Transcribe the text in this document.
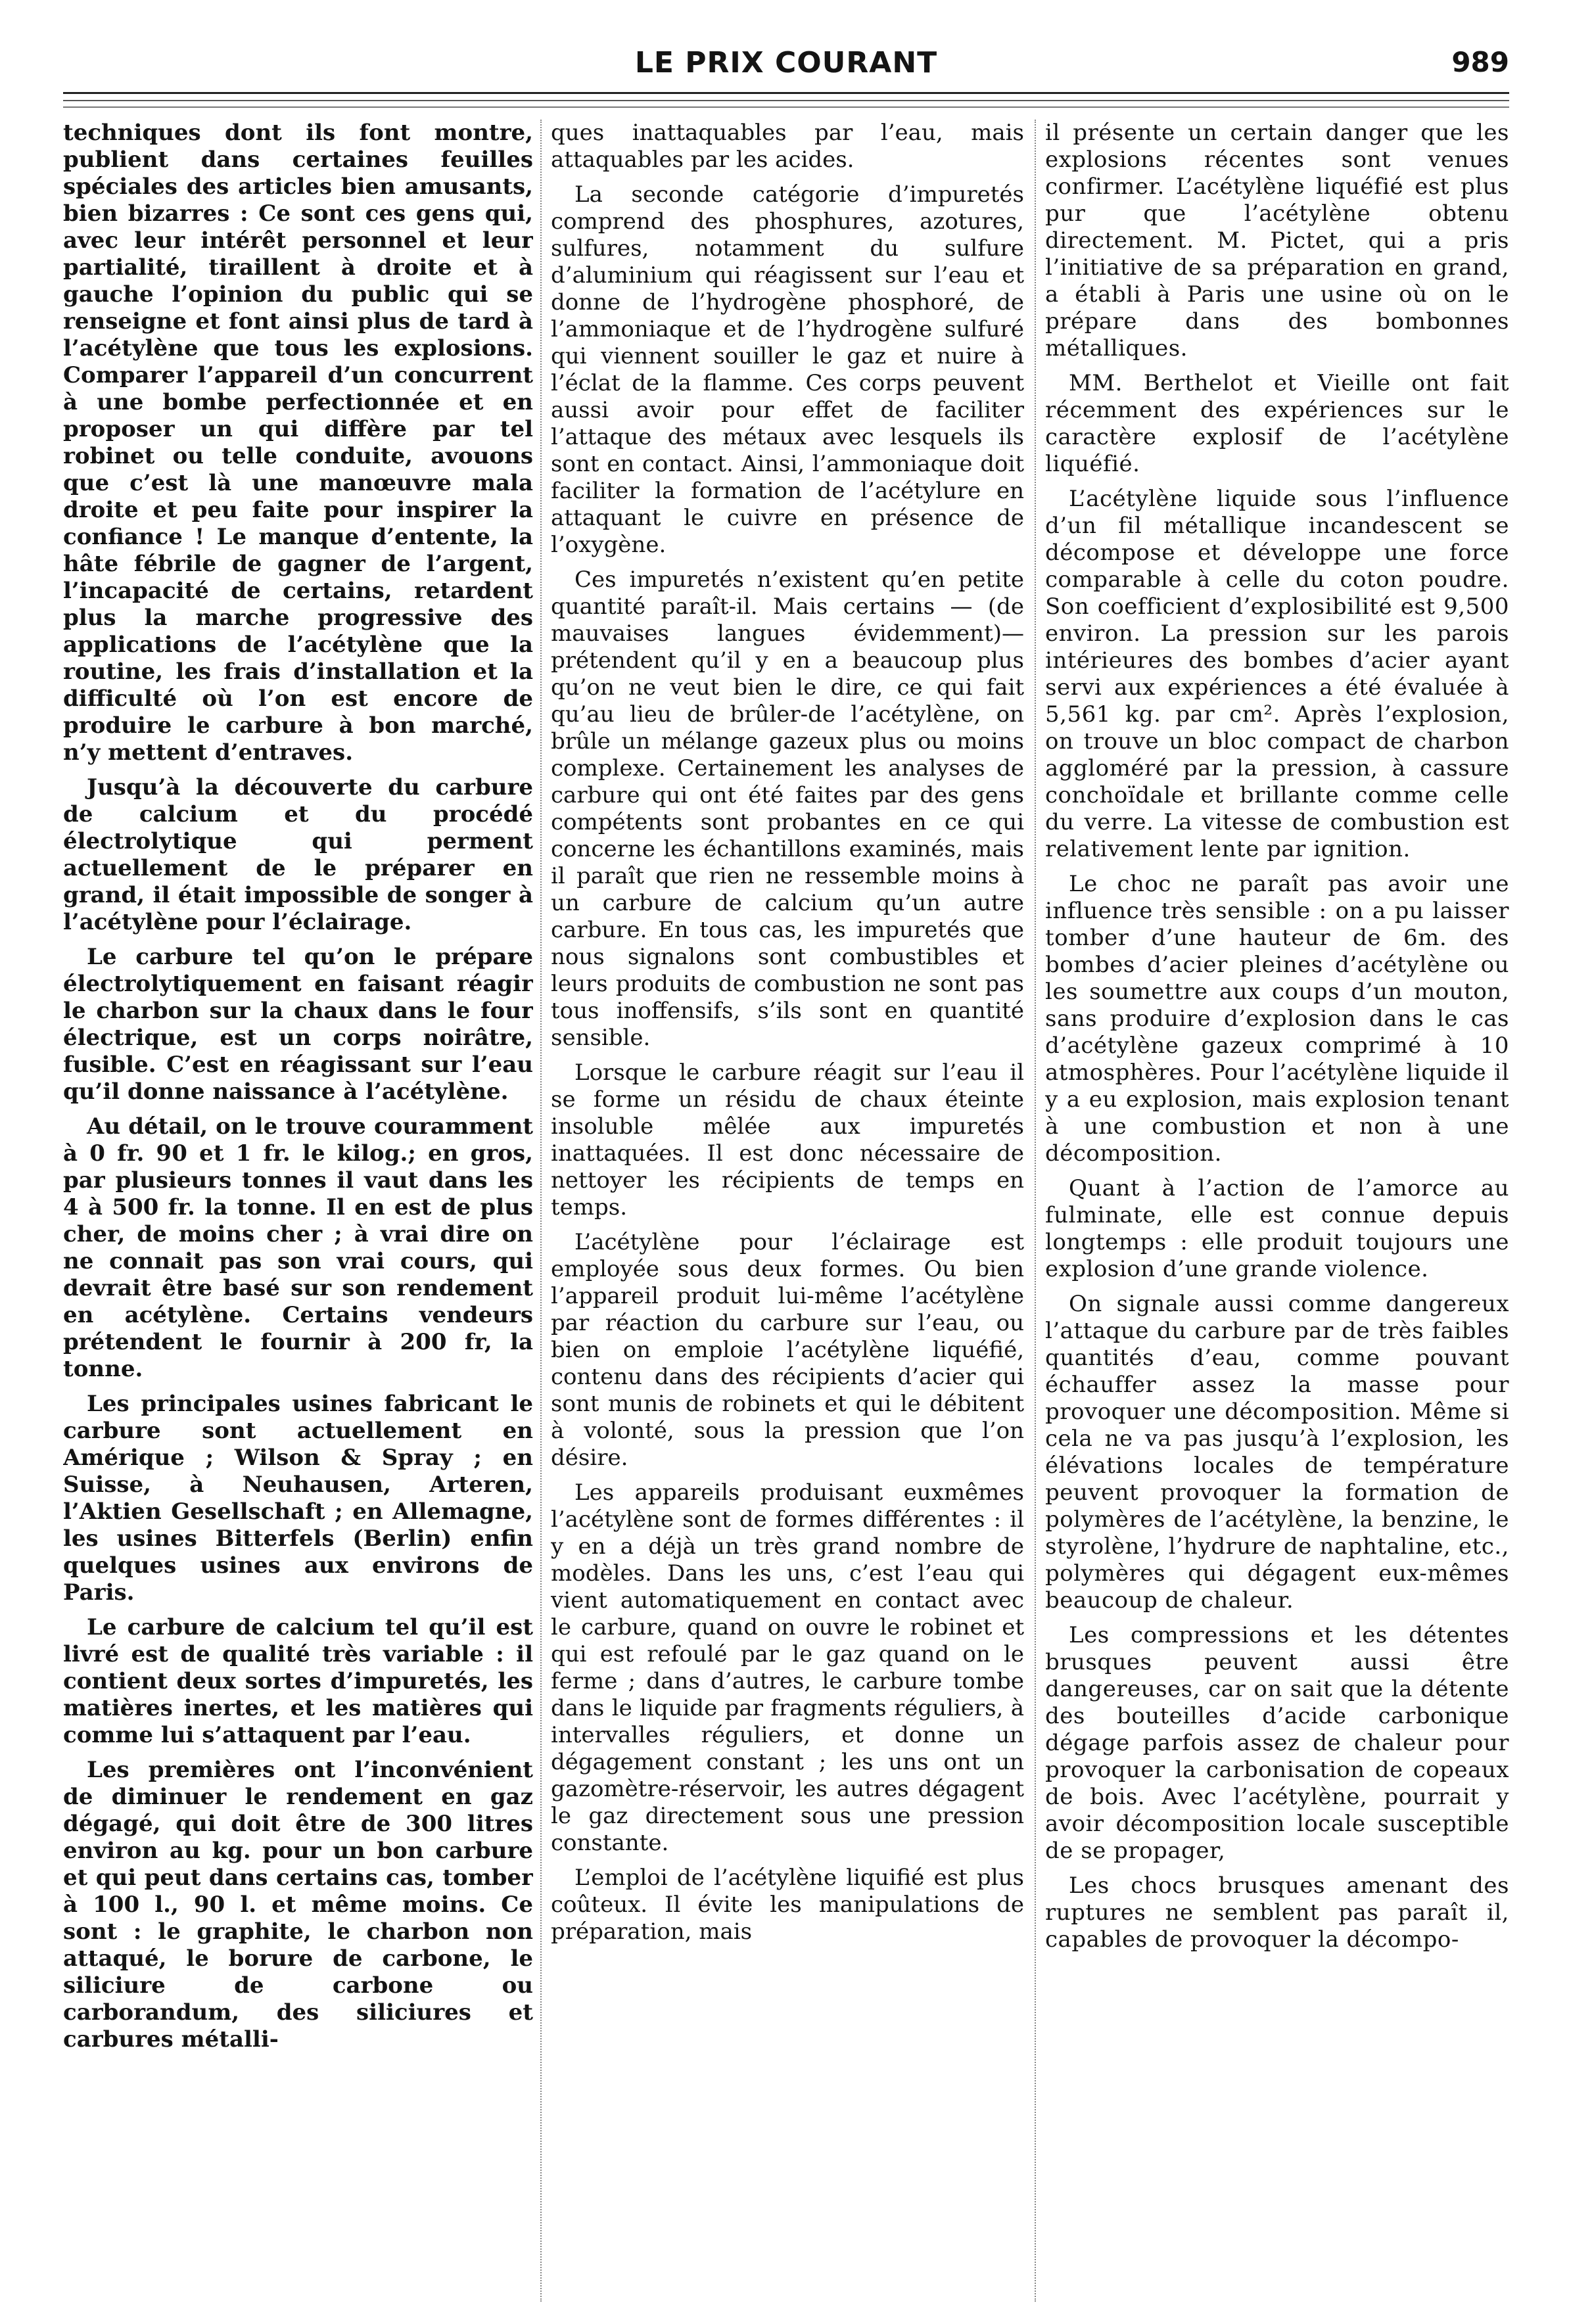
LE PRIX COURANT	989

techniques dont ils font montre, publient dans certaines feuilles spéciales des articles bien amusants, bien bizarres : Ce sont ces gens qui, avec leur intérêt personnel et leur partialité, tiraillent à droite et à gauche l’opinion du public qui se renseigne et font ainsi plus de tard à l’acétylène que tous les explosions. Comparer l’appareil d’un concurrent à une bombe perfectionnée et en proposer un qui diffère par tel robinet ou telle conduite, avouons que c’est là une manœuvre mala droite et peu faite pour inspirer la confiance ! Le manque d’entente, la hâte fébrile de gagner de l’argent, l’incapacité de certains, retardent plus la marche progressive des applications de l’acétylène que la routine, les frais d’installation et la difficulté où l’on est encore de produire le carbure à bon marché, n’y mettent d’entraves.

Jusqu’à la découverte du carbure de calcium et du procédé électrolytique qui perment actuellement de le préparer en grand, il était impossible de songer à l’acétylène pour l’éclairage.

Le carbure tel qu’on le prépare électrolytiquement en faisant réagir le charbon sur la chaux dans le four électrique, est un corps noirâtre, fusible. C’est en réagissant sur l’eau qu’il donne naissance à l’acétylène.

Au détail, on le trouve couramment à 0 fr. 90 et 1 fr. le kilog.; en gros, par plusieurs tonnes il vaut dans les 4 à 500 fr. la tonne. Il en est de plus cher, de moins cher ; à vrai dire on ne connait pas son vrai cours, qui devrait être basé sur son rendement en acétylène. Certains vendeurs prétendent le fournir à 200 fr, la tonne.

Les principales usines fabricant le carbure sont actuellement en Amérique ; Wilson & Spray ; en Suisse, à Neuhausen, Arteren, l’Aktien Gesellschaft ; en Allemagne, les usines Bitterfels (Berlin) enfin quelques usines aux environs de Paris.

Le carbure de calcium tel qu’il est livré est de qualité très variable : il contient deux sortes d’impuretés, les matières inertes, et les matières qui comme lui s’attaquent par l’eau.

Les premières ont l’inconvénient de diminuer le rendement en gaz dégagé, qui doit être de 300 litres environ au kg. pour un bon carbure et qui peut dans certains cas, tomber à 100 l., 90 l. et même moins. Ce sont : le graphite, le charbon non attaqué, le borure de carbone, le siliciure de carbone ou carborandum, des siliciures et carbures métalli-

ques inattaquables par l’eau, mais attaquables par les acides.

La seconde catégorie d’impuretés comprend des phosphures, azotures, sulfures, notamment du sulfure d’aluminium qui réagissent sur l’eau et donne de l’hydrogène phosphoré, de l’ammoniaque et de l’hydrogène sulfuré qui viennent souiller le gaz et nuire à l’éclat de la flamme. Ces corps peuvent aussi avoir pour effet de faciliter l’attaque des métaux avec lesquels ils sont en contact. Ainsi, l’ammoniaque doit faciliter la formation de l’acétylure en attaquant le cuivre en présence de l’oxygène.

Ces impuretés n’existent qu’en petite quantité paraît-il. Mais certains — (de mauvaises langues évidemment)—prétendent qu’il y en a beaucoup plus qu’on ne veut bien le dire, ce qui fait qu’au lieu de brûler-de l’acétylène, on brûle un mélange gazeux plus ou moins complexe. Certainement les analyses de carbure qui ont été faites par des gens compétents sont probantes en ce qui concerne les échantillons examinés, mais il paraît que rien ne ressemble moins à un carbure de calcium qu’un autre carbure. En tous cas, les impuretés que nous signalons sont combustibles et leurs produits de combustion ne sont pas tous inoffensifs, s’ils sont en quantité sensible.

Lorsque le carbure réagit sur l’eau il se forme un résidu de chaux éteinte insoluble mêlée aux impuretés inattaquées. Il est donc nécessaire de nettoyer les récipients de temps en temps.

L’acétylène pour l’éclairage est employée sous deux formes. Ou bien l’appareil produit lui-même l’acétylène par réaction du carbure sur l’eau, ou bien on emploie l’acétylène liquéfié, contenu dans des récipients d’acier qui sont munis de robinets et qui le débitent à volonté, sous la pression que l’on désire.

Les appareils produisant euxmêmes l’acétylène sont de formes différentes : il y en a déjà un très grand nombre de modèles. Dans les uns, c’est l’eau qui vient automatiquement en contact avec le carbure, quand on ouvre le robinet et qui est refoulé par le gaz quand on le ferme ; dans d’autres, le carbure tombe dans le liquide par fragments réguliers, à intervalles réguliers, et donne un dégagement constant ; les uns ont un gazomètre-réservoir, les autres dégagent le gaz directement sous une pression constante.

L’emploi de l’acétylène liquifié est plus coûteux. Il évite les manipulations de préparation, mais

il présente un certain danger que les explosions récentes sont venues confirmer. L’acétylène liquéfié est plus pur que l’acétylène obtenu directement. M. Pictet, qui a pris l’initiative de sa préparation en grand, a établi à Paris une usine où on le prépare dans des bombonnes métalliques.

MM. Berthelot et Vieille ont fait récemment des expériences sur le caractère explosif de l’acétylène liquéfié.

L’acétylène liquide sous l’influence d’un fil métallique incandescent se décompose et développe une force comparable à celle du coton poudre. Son coefficient d’explosibilité est 9,500 environ. La pression sur les parois intérieures des bombes d’acier ayant servi aux expériences a été évaluée à 5,561 kg. par cm². Après l’explosion, on trouve un bloc compact de charbon aggloméré par la pression, à cassure conchoïdale et brillante comme celle du verre. La vitesse de combustion est relativement lente par ignition.

Le choc ne paraît pas avoir une influence très sensible : on a pu laisser tomber d’une hauteur de 6m. des bombes d’acier pleines d’acétylène ou les soumettre aux coups d’un mouton, sans produire d’explosion dans le cas d’acétylène gazeux comprimé à 10 atmosphères. Pour l’acétylène liquide il y a eu explosion, mais explosion tenant à une combustion et non à une décomposition.

Quant à l’action de l’amorce au fulminate, elle est connue depuis longtemps : elle produit toujours une explosion d’une grande violence.

On signale aussi comme dangereux l’attaque du carbure par de très faibles quantités d’eau, comme pouvant échauffer assez la masse pour provoquer une décomposition. Même si cela ne va pas jusqu’à l’explosion, les élévations locales de température peuvent provoquer la formation de polymères de l’acétylène, la benzine, le styrolène, l’hydrure de naphtaline, etc., polymères qui dégagent eux-mêmes beaucoup de chaleur.

Les compressions et les détentes brusques peuvent aussi être dangereuses, car on sait que la détente des bouteilles d’acide carbonique dégage parfois assez de chaleur pour provoquer la carbonisation de copeaux de bois. Avec l’acétylène, pourrait y avoir décomposition locale susceptible de se propager,

Les chocs brusques amenant des ruptures ne semblent pas paraît il, capables de provoquer la décompo-
